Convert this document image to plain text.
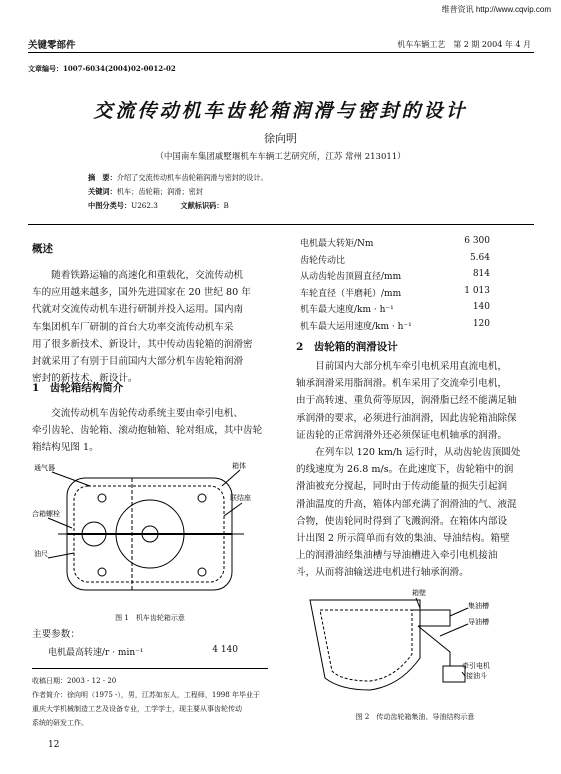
维普资讯 http://www.cqvip.com
关键零部件	机车车辆工艺　第 2 期 2004 年 4 月
文章编号：1007-6034(2004)02-0012-02
交流传动机车齿轮箱润滑与密封的设计
徐向明
（中国南车集团戚墅堰机车车辆工艺研究所，江苏 常州 213011）
摘　要：介绍了交流传动机车齿轮箱润滑与密封的设计。
关键词：机车；齿轮箱；润滑；密封
中图分类号：U262.3	文献标识码：B
概述
　　随着铁路运输的高速化和重载化，交流传动机
车的应用越来越多，国外先进国家在 20 世纪 80 年
代就对交流传动机车进行研制并投入运用。国内南
车集团机车厂研制的首台大功率交流传动机车采
用了很多新技术、新设计，其中传动齿轮箱的润滑密
封就采用了有别于目前国内大部分机车齿轮箱润滑
密封的新技术、新设计。
1　齿轮箱结构简介
　　交流传动机车齿轮传动系统主要由牵引电机、
牵引齿轮、齿轮箱、滚动抱轴箱、轮对组成，其中齿轮
箱结构见图 1。
通气器	箱体
合箱螺栓
油尺
联结座
图 1　机车齿轮箱示意
主要参数：
电机最高转速/r · min⁻¹	4 140
收稿日期：2003 - 12 - 20
作者简介：徐向明（1975 -），男，江苏如东人，工程师，1998 年毕业于
重庆大学机械制造工艺及设备专业，工学学士，现主要从事齿轮传动
系统的研发工作。
12
电机最大转矩/Nm	6 300
齿轮传动比	5.64
从动齿轮齿顶圆直径/mm	814
车轮直径（半磨耗）/mm	1 013
机车最大速度/km · h⁻¹	140
机车最大运用速度/km · h⁻¹	120
2　齿轮箱的润滑设计
　　目前国内大部分机车牵引电机采用直流电机，
轴承润滑采用脂润滑。机车采用了交流牵引电机，
由于高转速、重负荷等原因，润滑脂已经不能满足轴
承润滑的要求，必须进行油润滑，因此齿轮箱油除保
证齿轮的正常润滑外还必须保证电机轴承的润滑。
　　在列车以 120 km/h 运行时，从动齿轮齿顶圆处
的线速度为 26.8 m/s。在此速度下，齿轮箱中的润
滑油被充分搅起，同时由于传动能量的损失引起润
滑油温度的升高，箱体内部充满了润滑油的气、液混
合物，使齿轮同时得到了飞溅润滑。在箱体内部设
计出图 2 所示简单而有效的集油、导油结构。箱壁
上的润滑油经集油槽与导油槽进入牵引电机接油
斗，从而将油输送进电机进行轴承润滑。
箱壁
集油槽
导油槽
牵引电机
接油斗
图 2　传动齿轮箱集油、导油结构示意
